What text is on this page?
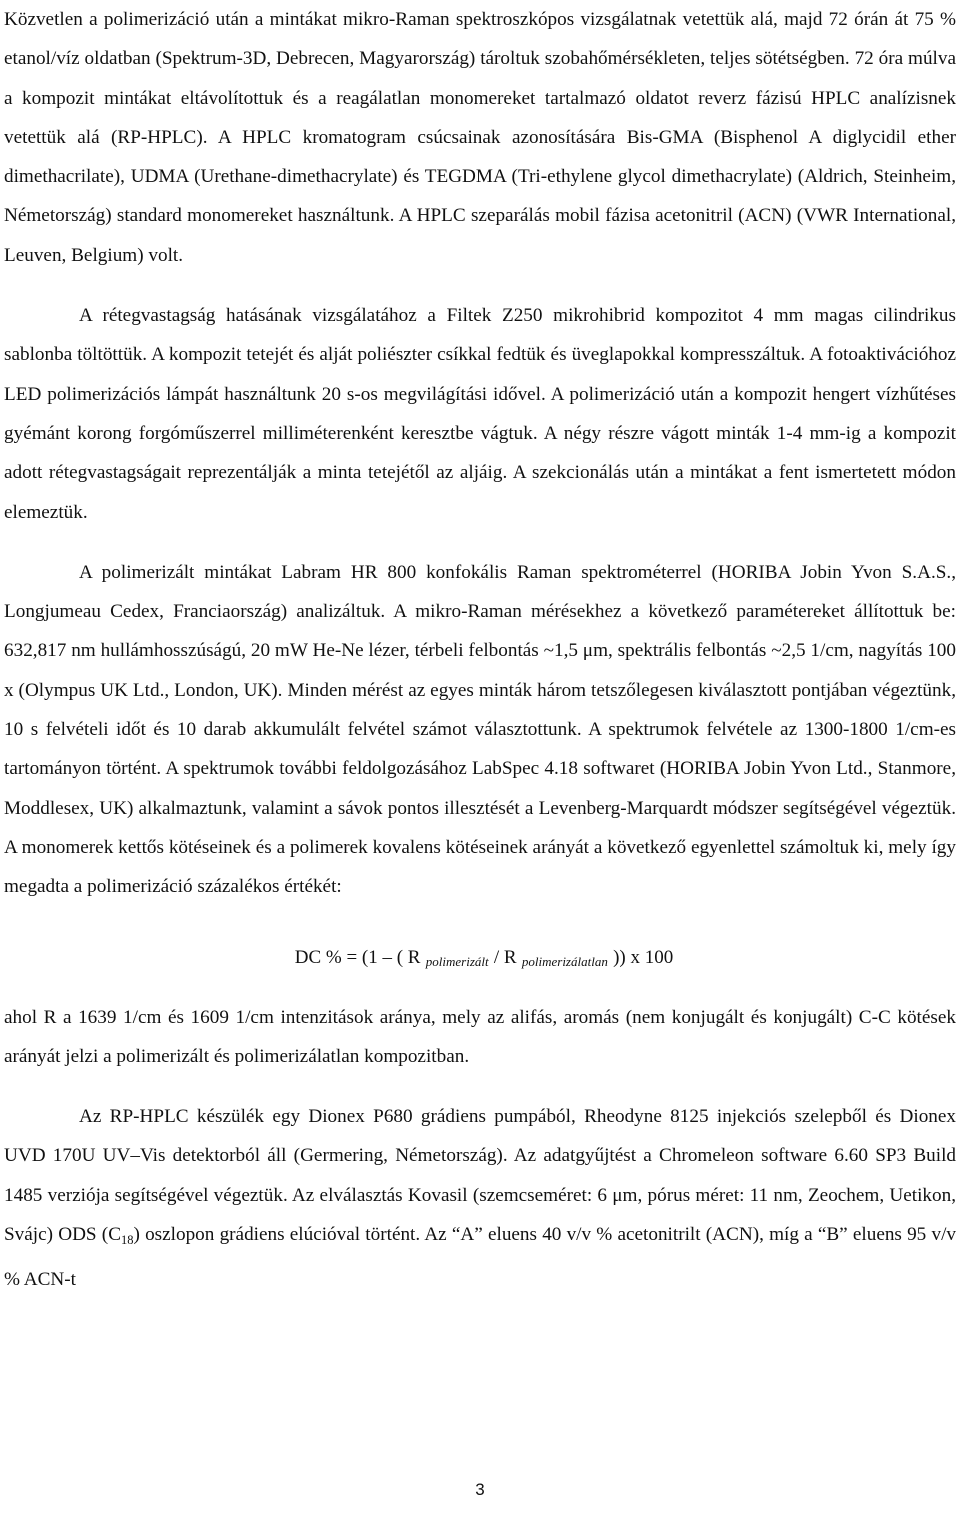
Közvetlen a polimerizáció után a mintákat mikro-Raman spektroszkópos vizsgálatnak vetettük alá, majd 72 órán át 75 % etanol/víz oldatban (Spektrum-3D, Debrecen, Magyarország) tároltuk szobahőmérsékleten, teljes sötétségben. 72 óra múlva a kompozit mintákat eltávolítottuk és a reagálatlan monomereket tartalmazó oldatot reverz fázisú HPLC analízisnek vetettük alá (RP-HPLC). A HPLC kromatogram csúcsainak azonosítására Bis-GMA (Bisphenol A diglycidil ether dimethacrilate), UDMA (Urethane-dimethacrylate) és TEGDMA (Tri-ethylene glycol dimethacrylate) (Aldrich, Steinheim, Németország) standard monomereket használtunk. A HPLC szeparálás mobil fázisa acetonitril (ACN) (VWR International, Leuven, Belgium) volt.

A rétegvastagság hatásának vizsgálatához a Filtek Z250 mikrohibrid kompozitot 4 mm magas cilindrikus sablonba töltöttük. A kompozit tetejét és alját poliészter csíkkal fedtük és üveglapokkal kompresszáltuk. A fotoaktivációhoz LED polimerizációs lámpát használtunk 20 s-os megvilágítási idővel. A polimerizáció után a kompozit hengert vízhűtéses gyémánt korong forgóműszerrel milliméterenként keresztbe vágtuk. A négy részre vágott minták 1-4 mm-ig a kompozit adott rétegvastagságait reprezentálják a minta tetejétől az aljáig. A szekcionálás után a mintákat a fent ismertetett módon elemeztük.

A polimerizált mintákat Labram HR 800 konfokális Raman spektrométerrel (HORIBA Jobin Yvon S.A.S., Longjumeau Cedex, Franciaország) analizáltuk. A mikro-Raman mérésekhez a következő paramétereket állítottuk be: 632,817 nm hullámhosszúságú, 20 mW He-Ne lézer, térbeli felbontás ~1,5 μm, spektrális felbontás ~2,5 1/cm, nagyítás 100 x (Olympus UK Ltd., London, UK). Minden mérést az egyes minták három tetszőlegesen kiválasztott pontjában végeztünk, 10 s felvételi időt és 10 darab akkumulált felvétel számot választottunk. A spektrumok felvétele az 1300-1800 1/cm-es tartományon történt. A spektrumok további feldolgozásához LabSpec 4.18 softwaret (HORIBA Jobin Yvon Ltd., Stanmore, Moddlesex, UK) alkalmaztunk, valamint a sávok pontos illesztését a Levenberg-Marquardt módszer segítségével végeztük. A monomerek kettős kötéseinek és a polimerek kovalens kötéseinek arányát a következő egyenlettel számoltuk ki, mely így megadta a polimerizáció százalékos értékét:

DC % = (1 – ( R $_{polimerizált}$ / R $_{polimerizálatlan}$ )) x 100

ahol R a 1639 1/cm és 1609 1/cm intenzitások aránya, mely az alifás, aromás (nem konjugált és konjugált) C-C kötések arányát jelzi a polimerizált és polimerizálatlan kompozitban.

Az RP-HPLC készülék egy Dionex P680 grádiens pumpából, Rheodyne 8125 injekciós szelepből és Dionex UVD 170U UV–Vis detektorból áll (Germering, Németország). Az adatgyűjtést a Chromeleon software 6.60 SP3 Build 1485 verziója segítségével végeztük. Az elválasztás Kovasil (szemcseméret: 6 μm, pórus méret: 11 nm, Zeochem, Uetikon, Svájc) ODS $(C_{18})$ oszlopon grádiens elúcióval történt. Az “A” eluens 40 v/v % acetonitrilt (ACN), míg a “B” eluens 95 v/v % ACN-t

3
